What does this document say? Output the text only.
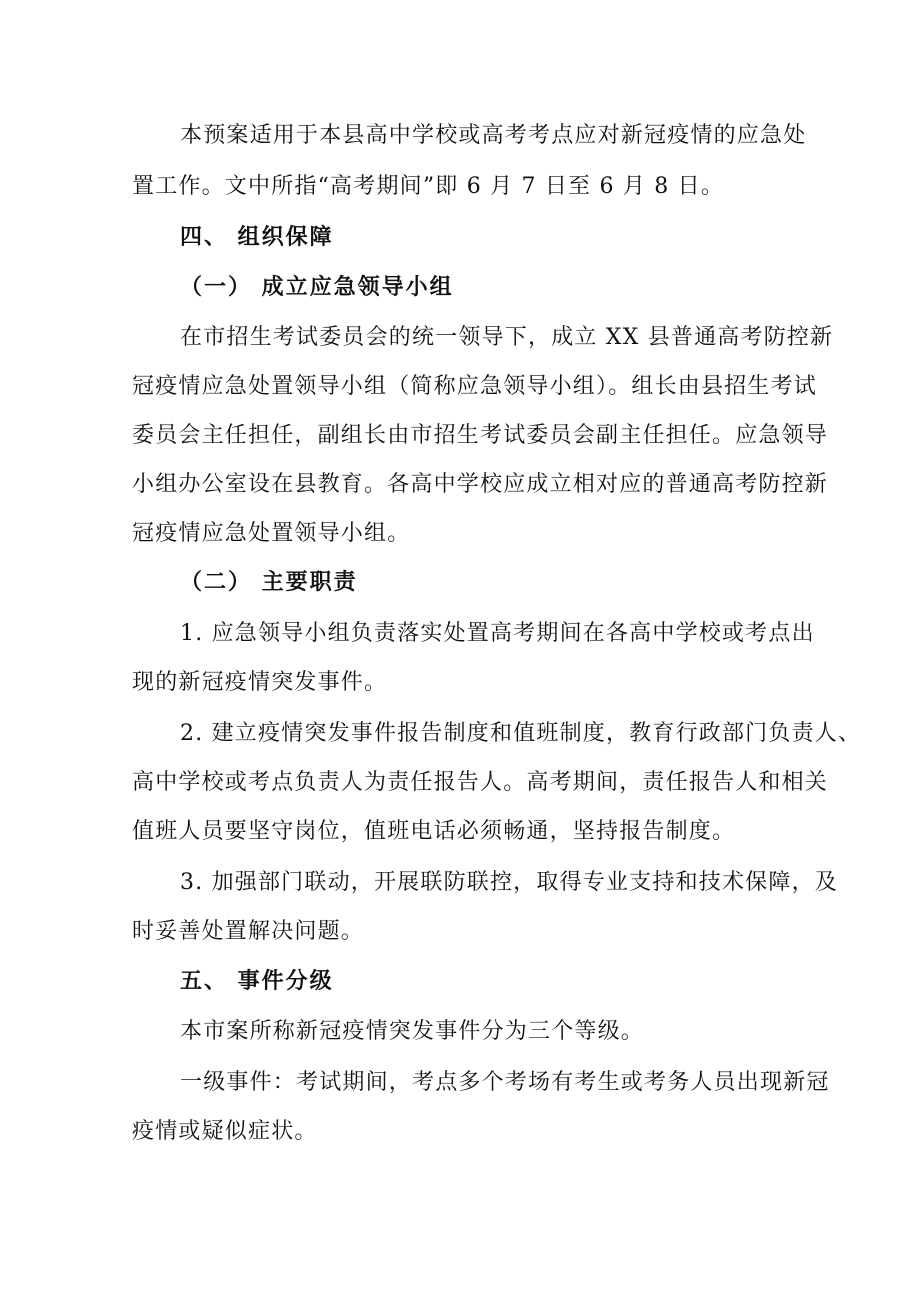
本预案适用于本县高中学校或高考考点应对新冠疫情的应急处
置工作。文中所指“高考期间”即 6 月 7 日至 6 月 8 日。
四、 组织保障
（一） 成立应急领导小组
在市招生考试委员会的统一领导下，成立 XX 县普通高考防控新
冠疫情应急处置领导小组（简称应急领导小组）。组长由县招生考试
委员会主任担任，副组长由市招生考试委员会副主任担任。应急领导
小组办公室设在县教育。各高中学校应成立相对应的普通高考防控新
冠疫情应急处置领导小组。
（二） 主要职责
1. 应急领导小组负责落实处置高考期间在各高中学校或考点出
现的新冠疫情突发事件。
2. 建立疫情突发事件报告制度和值班制度，教育行政部门负责人、
高中学校或考点负责人为责任报告人。高考期间，责任报告人和相关
值班人员要坚守岗位，值班电话必须畅通，坚持报告制度。
3. 加强部门联动，开展联防联控，取得专业支持和技术保障，及
时妥善处置解决问题。
五、 事件分级
本市案所称新冠疫情突发事件分为三个等级。
一级事件：考试期间，考点多个考场有考生或考务人员出现新冠
疫情或疑似症状。
